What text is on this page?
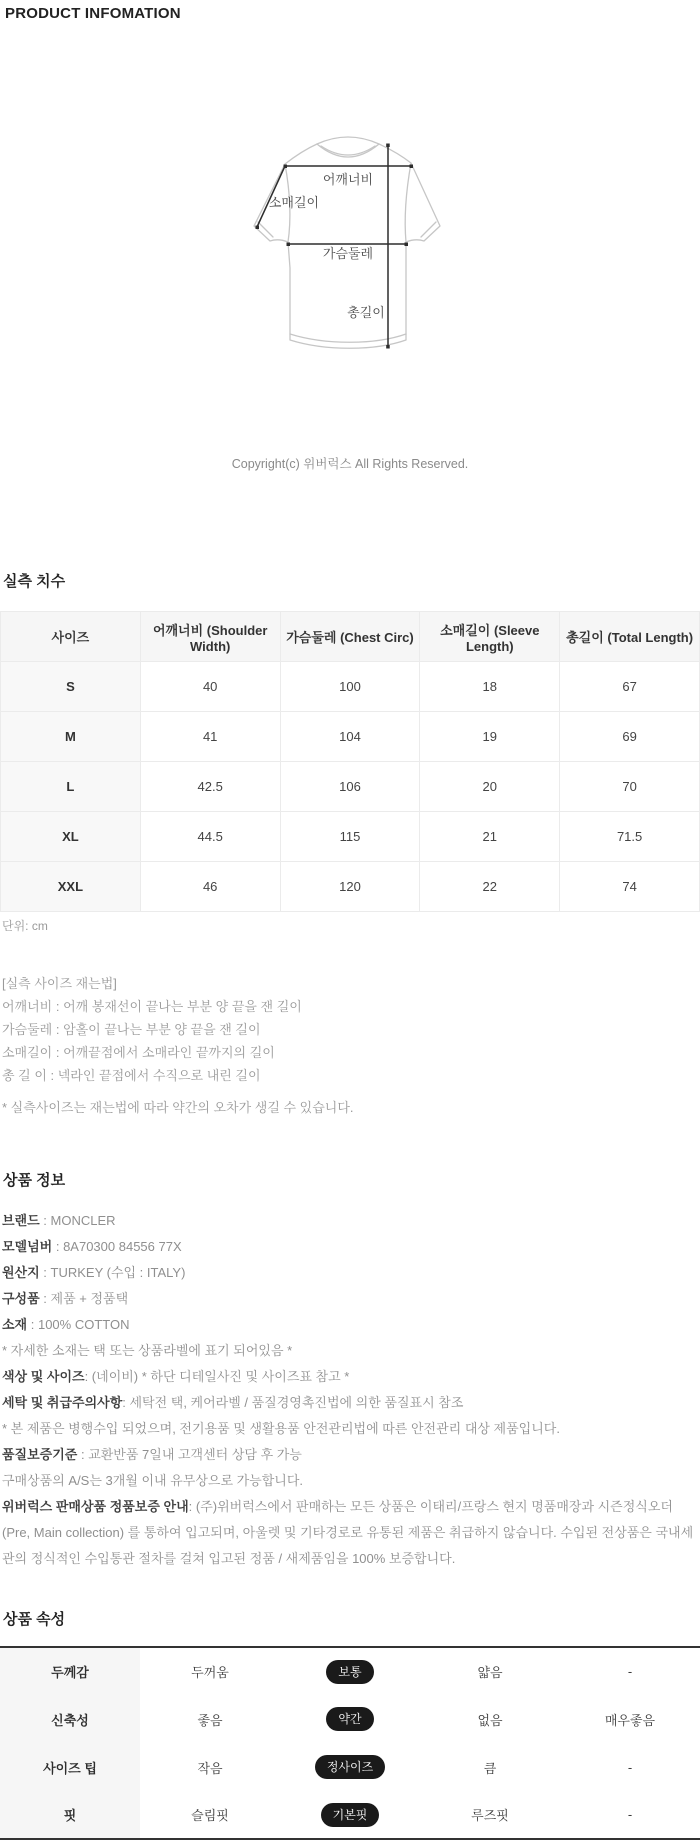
PRODUCT INFOMATION
어깨너비
소매길이
가슴둘레
총길이
Copyright(c) 위버럭스 All Rights Reserved.
실측 치수
사이즈	어깨너비 (Shoulder Width)	가슴둘레 (Chest Circ)	소매길이 (Sleeve Length)	총길이 (Total Length)
S	40	100	18	67
M	41	104	19	69
L	42.5	106	20	70
XL	44.5	115	21	71.5
XXL	46	120	22	74
단위: cm
[실측 사이즈 재는법]
어깨너비 : 어깨 봉재선이 끝나는 부분 양 끝을 잰 길이
가슴둘레 : 암홀이 끝나는 부분 양 끝을 잰 길이
소매길이 : 어깨끝점에서 소매라인 끝까지의 길이
총 길 이 : 넥라인 끝점에서 수직으로 내린 길이
* 실측사이즈는 재는법에 따라 약간의 오차가 생길 수 있습니다.
상품 정보
브랜드 : MONCLER
모델넘버 : 8A70300 84556 77X
원산지 : TURKEY (수입 : ITALY)
구성품 : 제품 + 정품택
소재 : 100% COTTON
* 자세한 소재는 택 또는 상품라벨에 표기 되어있음 *
색상 및 사이즈: (네이비) * 하단 디테일사진 및 사이즈표 참고 *
세탁 및 취급주의사항: 세탁전 택, 케어라벨 / 품질경영촉진법에 의한 품질표시 참조
* 본 제품은 병행수입 되었으며, 전기용품 및 생활용품 안전관리법에 따른 안전관리 대상 제품입니다.
품질보증기준 : 교환반품 7일내 고객센터 상담 후 가능
구매상품의 A/S는 3개월 이내 유무상으로 가능합니다.
위버럭스 판매상품 정품보증 안내: (주)위버럭스에서 판매하는 모든 상품은 이태리/프랑스 현지 명품매장과 시즌정식오더 (Pre, Main collection) 를 통하여 입고되며, 아울렛 및 기타경로로 유통된 제품은 취급하지 않습니다. 수입된 전상품은 국내세관의 정식적인 수입통관 절차를 걸쳐 입고된 정품 / 새제품임을 100% 보증합니다.
상품 속성
두께감	두꺼움	보통	얇음	-
신축성	좋음	약간	없음	매우좋음
사이즈 팁	작음	정사이즈	큼	-
핏	슬림핏	기본핏	루즈핏	-
